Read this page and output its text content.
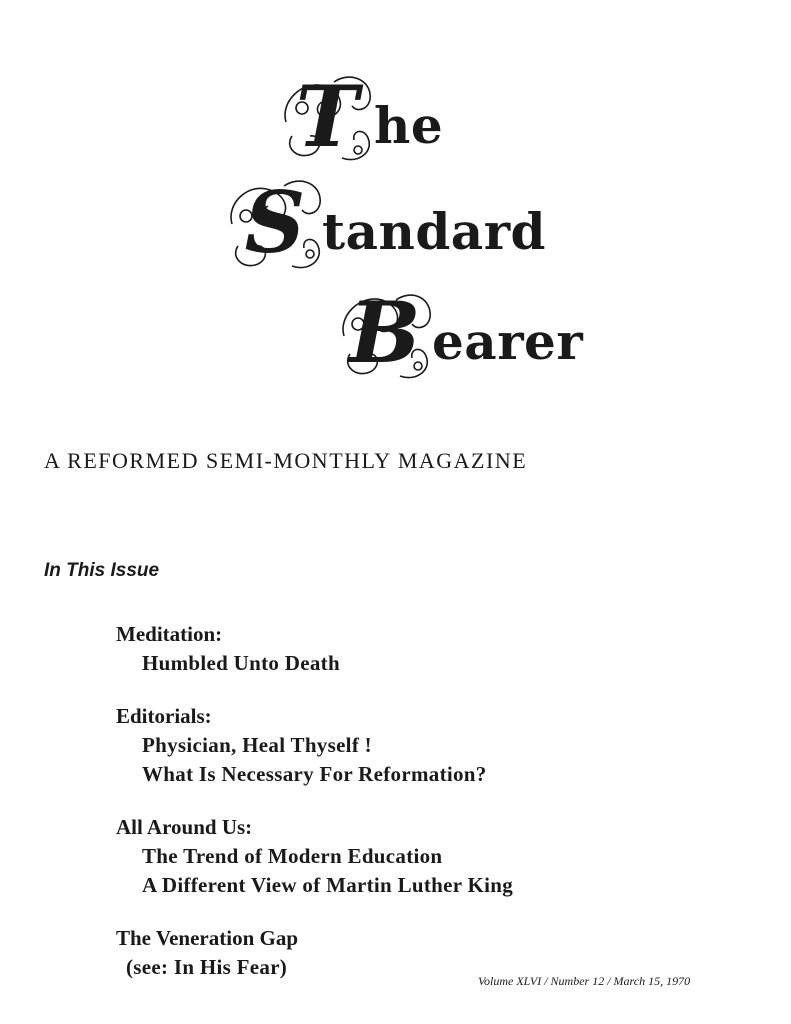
T he
S tandard
B earer
A REFORMED SEMI-MONTHLY MAGAZINE
In This Issue
Meditation:
Humbled Unto Death
Editorials:
Physician, Heal Thyself !
What Is Necessary For Reformation?
All Around Us:
The Trend of Modern Education
A Different View of Martin Luther King
The Veneration Gap
(see: In His Fear)
Volume XLVI / Number 12 / March 15, 1970
